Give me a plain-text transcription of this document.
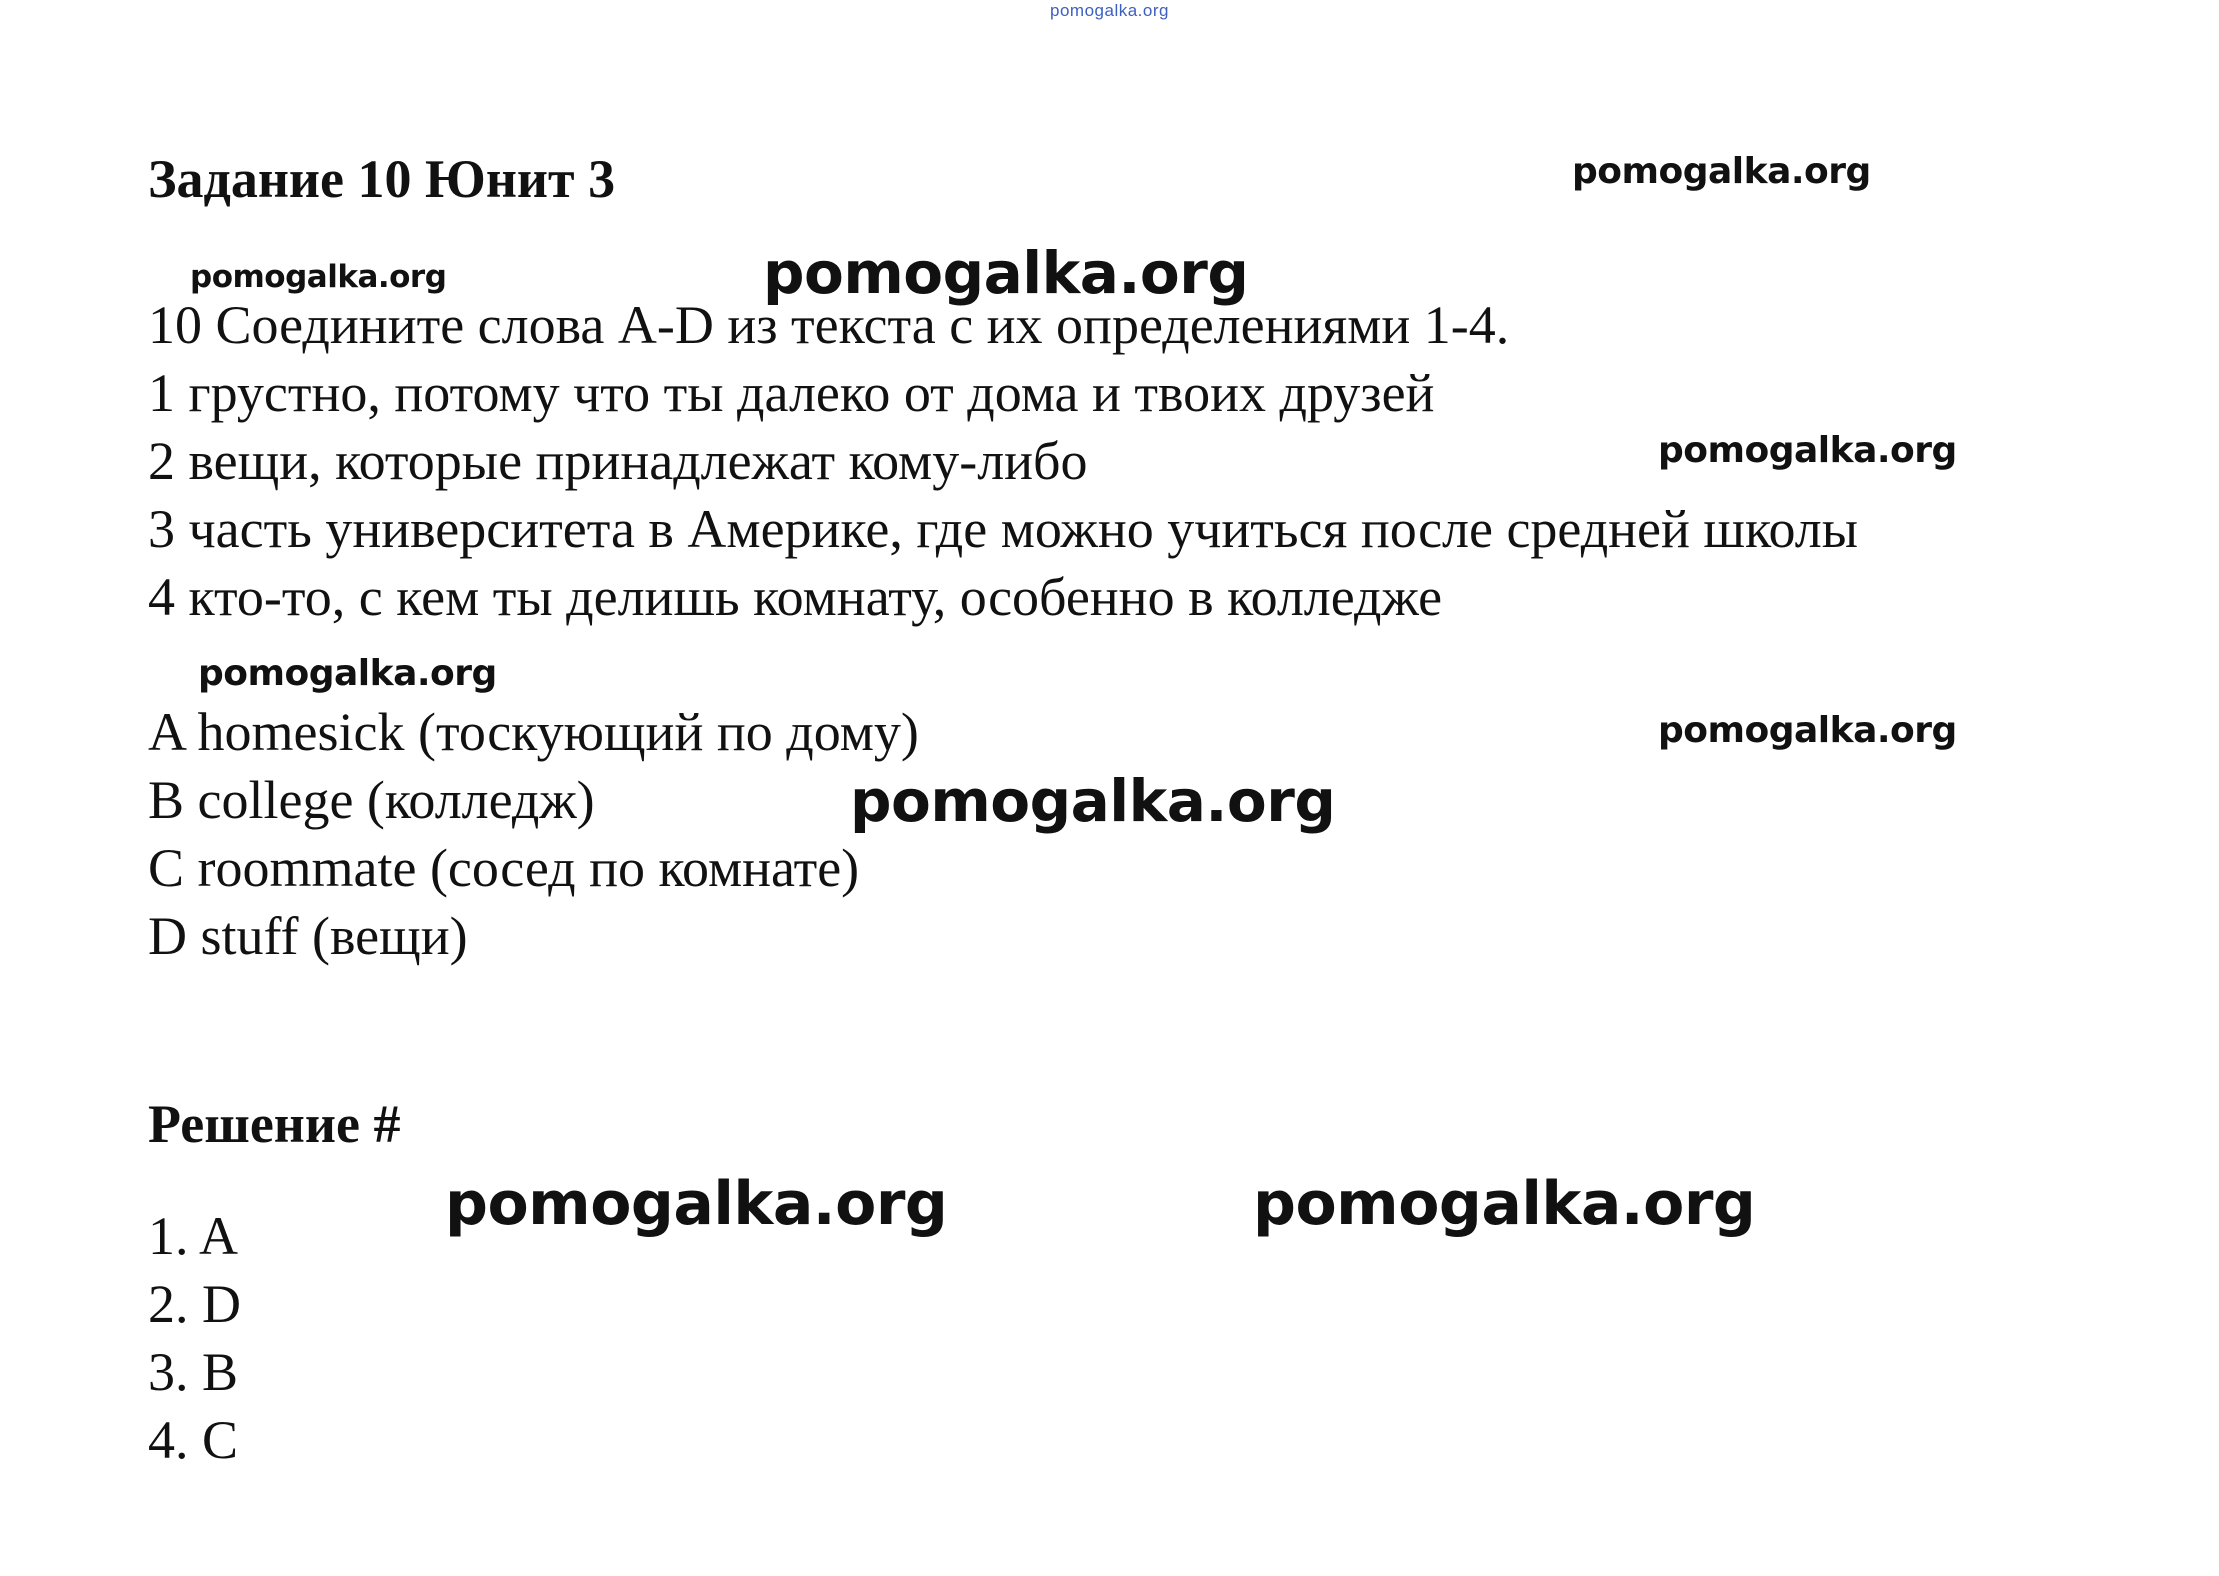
pomogalka.org
Задание 10 Юнит 3
10 Соедините слова A-D из текста с их определениями 1-4.
1 грустно, потому что ты далеко от дома и твоих друзей
2 вещи, которые принадлежат кому-либо
3 часть университета в Америке, где можно учиться после средней школы
4 кто-то, с кем ты делишь комнату, особенно в колледже
A homesick (тоскующий по дому)
B college (колледж)
C roommate (сосед по комнате)
D stuff (вещи)
Решение #
1. A
2. D
3. B
4. C
pomogalka.org
pomogalka.org	pomogalka.org
pomogalka.org
pomogalka.org
pomogalka.org
pomogalka.org
pomogalka.org	pomogalka.org
